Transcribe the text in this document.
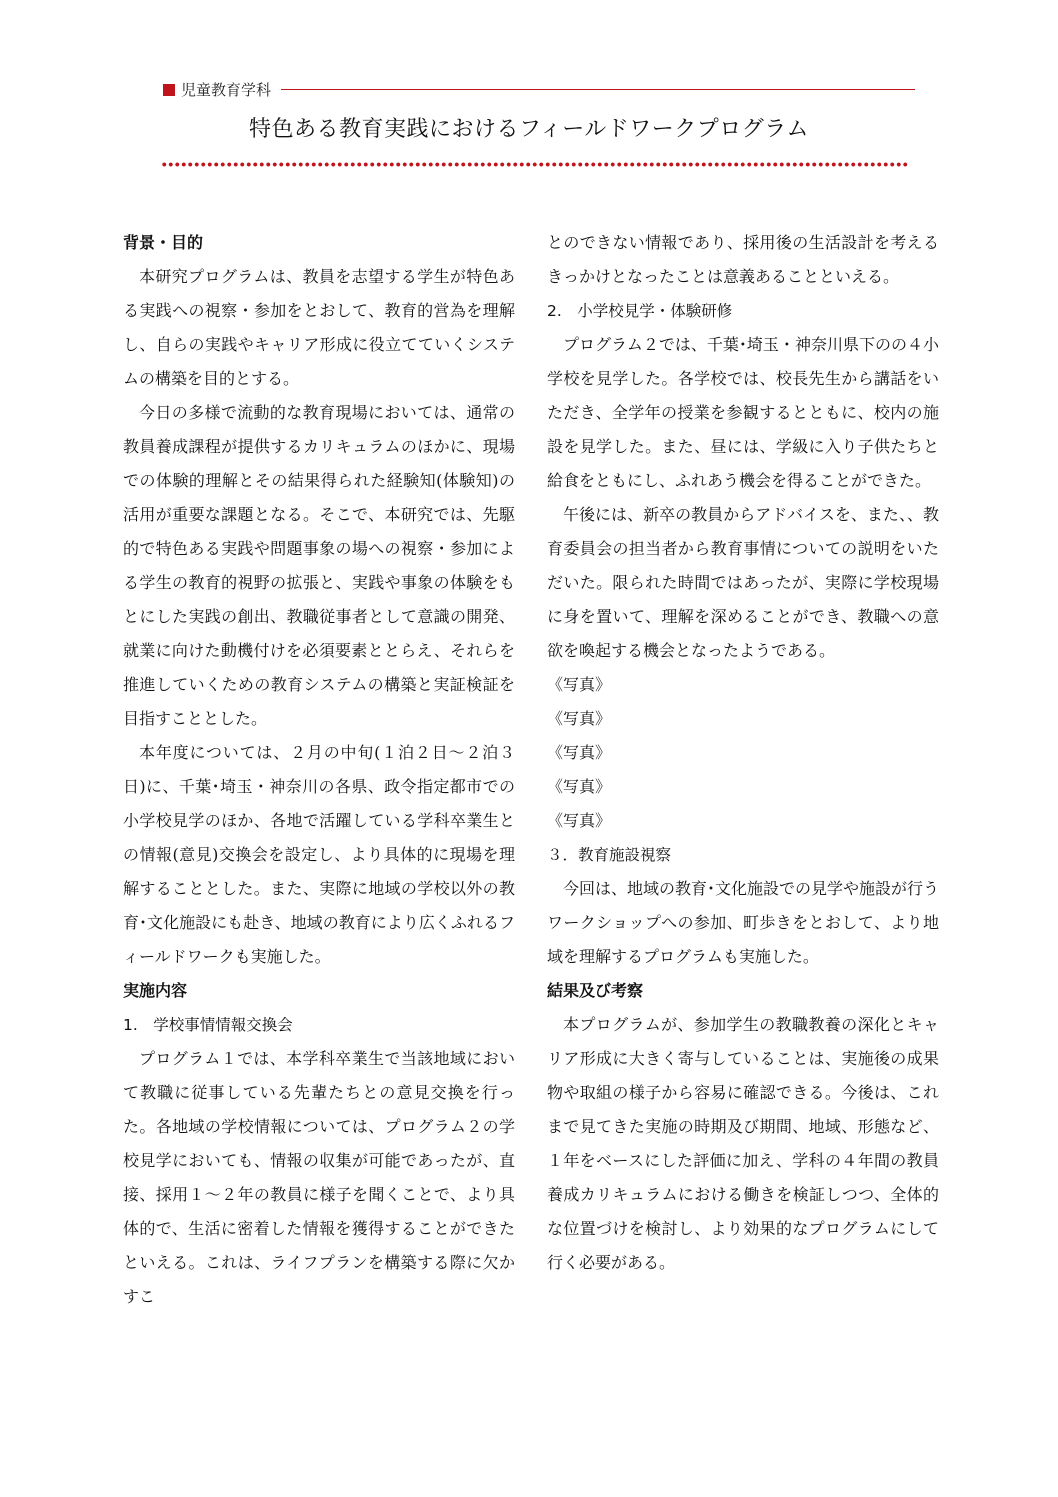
児童教育学科
特色ある教育実践におけるフィールドワークプログラム
背景・目的

本研究プログラムは、教員を志望する学生が特色ある実践への視察・参加をとおして、教育的営為を理解し、自らの実践やキャリア形成に役立てていくシステムの構築を目的とする。

今日の多様で流動的な教育現場においては、通常の教員養成課程が提供するカリキュラムのほかに、現場での体験的理解とその結果得られた経験知(体験知)の活用が重要な課題となる。そこで、本研究では、先駆的で特色ある実践や問題事象の場への視察・参加による学生の教育的視野の拡張と、実践や事象の体験をもとにした実践の創出、教職従事者として意識の開発、就業に向けた動機付けを必須要素ととらえ、それらを推進していくための教育システムの構築と実証検証を目指すこととした。

本年度については、２月の中旬(１泊２日〜２泊３日)に、千葉･埼玉・神奈川の各県、政令指定都市での小学校見学のほか、各地で活躍している学科卒業生との情報(意見)交換会を設定し、より具体的に現場を理解することとした。また、実際に地域の学校以外の教育･文化施設にも赴き、地域の教育により広くふれるフィールドワークも実施した。

実施内容
1.　学校事情情報交換会

プログラム１では、本学科卒業生で当該地域において教職に従事している先輩たちとの意見交換を行った。各地域の学校情報については、プログラム２の学校見学においても、情報の収集が可能であったが、直接、採用１〜２年の教員に様子を聞くことで、より具体的で、生活に密着した情報を獲得することができたといえる。これは、ライフプランを構築する際に欠かすこ

とのできない情報であり、採用後の生活設計を考えるきっかけとなったことは意義あることといえる。

2.　小学校見学・体験研修

プログラム２では、千葉･埼玉・神奈川県下のの４小学校を見学した。各学校では、校長先生から講話をいただき、全学年の授業を参観するとともに、校内の施設を見学した。また、昼には、学級に入り子供たちと給食をともにし、ふれあう機会を得ることができた。

午後には、新卒の教員からアドバイスを、また、、教育委員会の担当者から教育事情についての説明をいただいた。限られた時間ではあったが、実際に学校現場に身を置いて、理解を深めることができ、教職への意欲を喚起する機会となったようである。

《写真》
《写真》
《写真》
《写真》
《写真》
３．教育施設視察

今回は、地域の教育･文化施設での見学や施設が行うワークショップへの参加、町歩きをとおして、より地域を理解するプログラムも実施した。

結果及び考察

本プログラムが、参加学生の教職教養の深化とキャリア形成に大きく寄与していることは、実施後の成果物や取組の様子から容易に確認できる。今後は、これまで見てきた実施の時期及び期間、地域、形態など、１年をベースにした評価に加え、学科の４年間の教員養成カリキュラムにおける働きを検証しつつ、全体的な位置づけを検討し、より効果的なプログラムにして行く必要がある。
